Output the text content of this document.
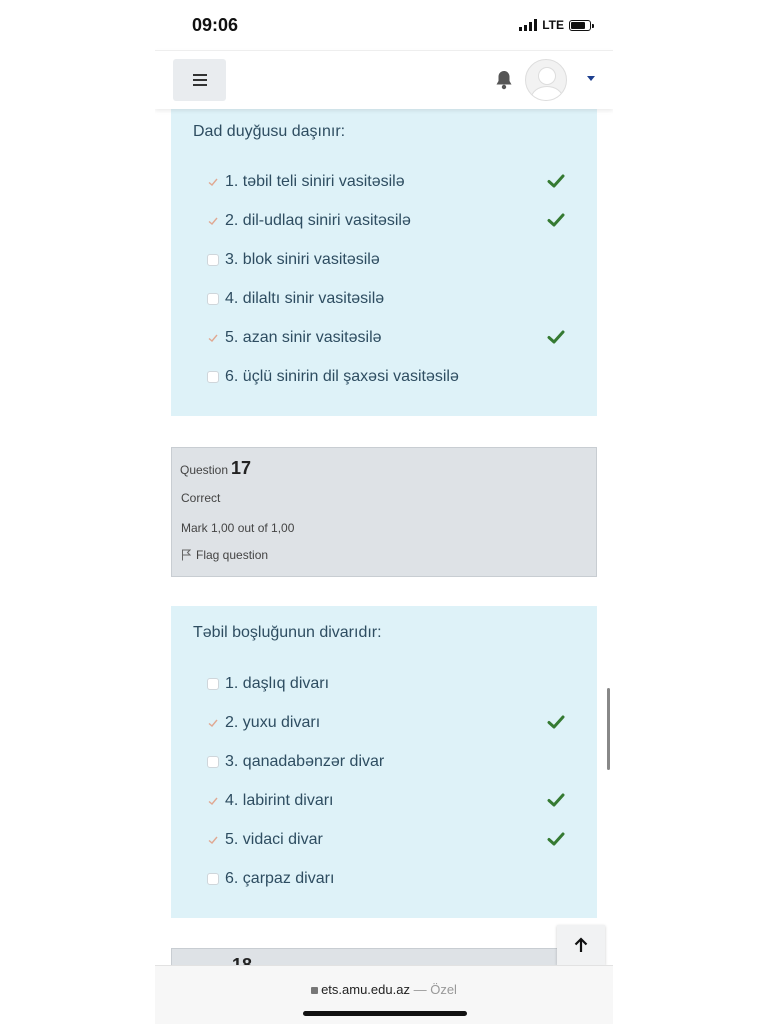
09:06	LTE
Dad duyğusu daşınır:
1. təbil teli siniri vasitəsilə
2. dil-udlaq siniri vasitəsilə
3. blok siniri vasitəsilə
4. dilaltı sinir vasitəsilə
5. azan sinir vasitəsilə
6. üçlü sinirin dil şaxəsi vasitəsilə
Question 17
Correct
Mark 1,00 out of 1,00
Flag question
Təbil boşluğunun divarıdır:
1. daşlıq divarı
2. yuxu divarı
3. qanadabənzər divar
4. labirint divarı
5. vidaci divar
6. çarpaz divarı
ets.amu.edu.az — Özel
